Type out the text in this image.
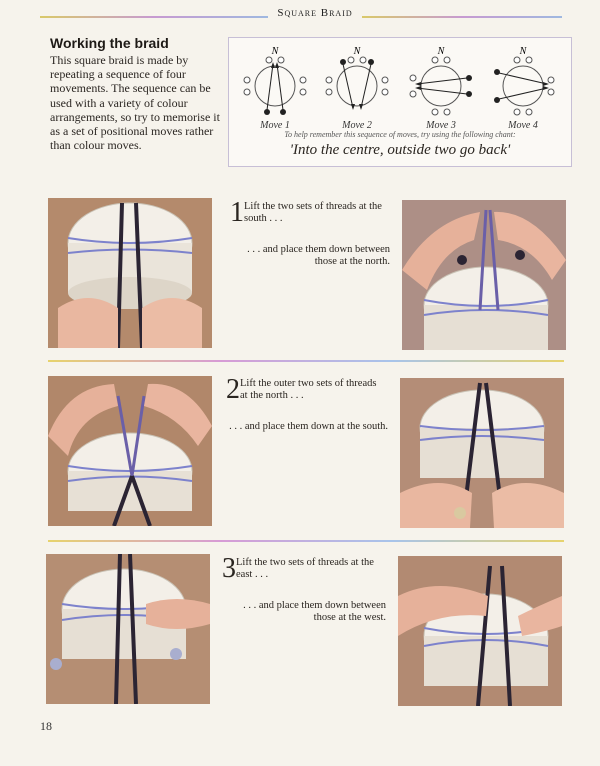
Square Braid
Working the braid
This square braid is made by repeating a sequence of four movements. The sequence can be used with a variety of colour arrangements, so try to memorise it as a set of positional moves rather than colour moves.
N
Move 1
N
Move 2
N
Move 3
N
Move 4
To help remember this sequence of moves, try using the following chant:
'Into the centre, outside two go back'
1 Lift the two sets of threads at the south . . .
. . . and place them down between those at the north.
2 Lift the outer two sets of threads at the north . . .
. . . and place them down at the south.
3 Lift the two sets of threads at the east . . .
. . . and place them down between those at the west.
18
